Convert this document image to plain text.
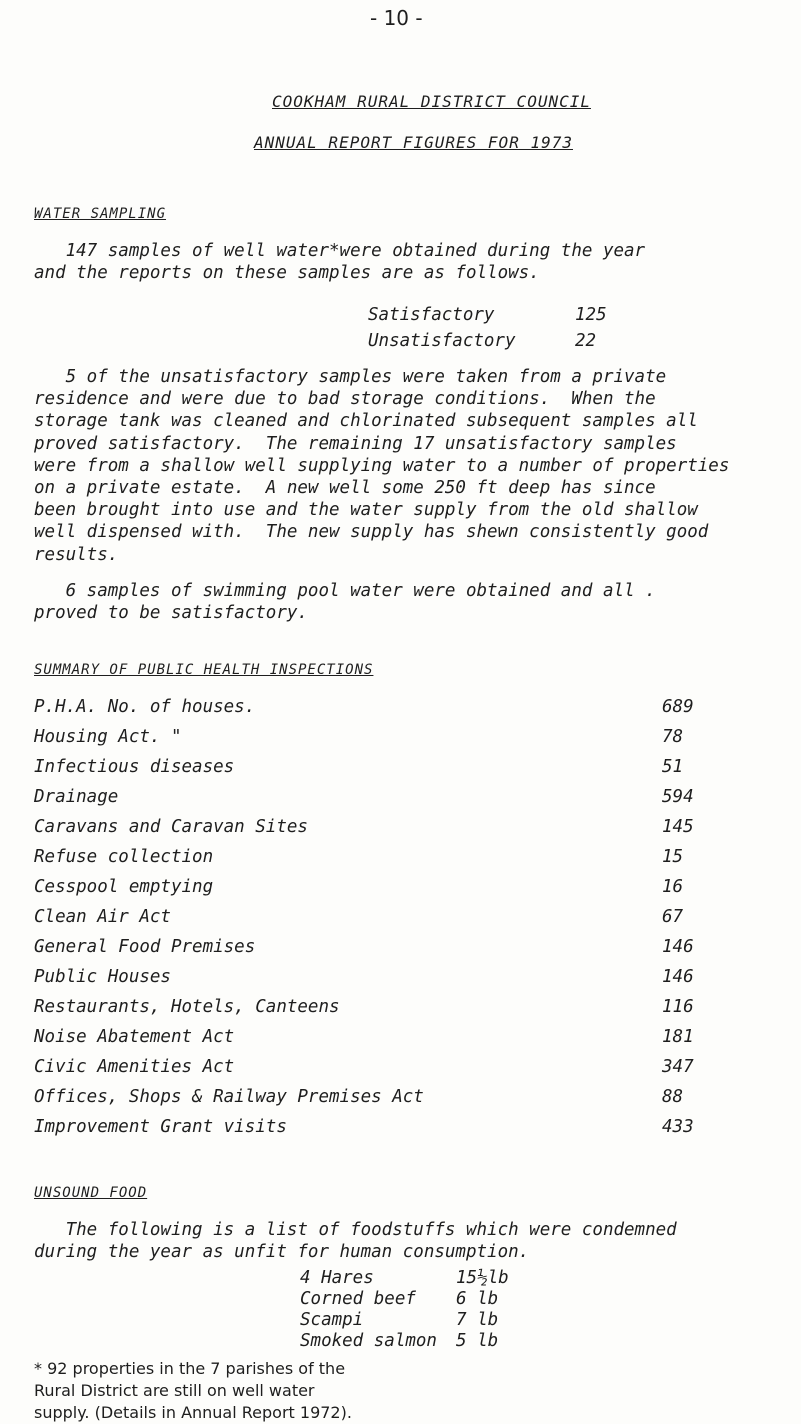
- 10 -
COOKHAM RURAL DISTRICT COUNCIL
ANNUAL REPORT FIGURES FOR 1973
WATER SAMPLING
147 samples of well water*were obtained during the year
and the reports on these samples are as follows.
Satisfactory	125
Unsatisfactory	22
5 of the unsatisfactory samples were taken from a private
residence and were due to bad storage conditions.  When the
storage tank was cleaned and chlorinated subsequent samples all
proved satisfactory.  The remaining 17 unsatisfactory samples
were from a shallow well supplying water to a number of properties
on a private estate.  A new well some 250 ft deep has since
been brought into use and the water supply from the old shallow
well dispensed with.  The new supply has shewn consistently good
results.
6 samples of swimming pool water were obtained and all .
proved to be satisfactory.
SUMMARY OF PUBLIC HEALTH INSPECTIONS
P.H.A. No. of houses.	689
Housing Act. "	78
Infectious diseases	51
Drainage	594
Caravans and Caravan Sites	145
Refuse collection	15
Cesspool emptying	16
Clean Air Act	67
General Food Premises	146
Public Houses	146
Restaurants, Hotels, Canteens	116
Noise Abatement Act	181
Civic Amenities Act	347
Offices, Shops & Railway Premises Act	88
Improvement Grant visits	433
UNSOUND FOOD
The following is a list of foodstuffs which were condemned
during the year as unfit for human consumption.
4 Hares	15½lb
Corned beef 6 lb
Scampi	7 lb
Smoked salmon 5 lb
* 92 properties in the 7 parishes of the
Rural District are still on well water
supply. (Details in Annual Report 1972).
